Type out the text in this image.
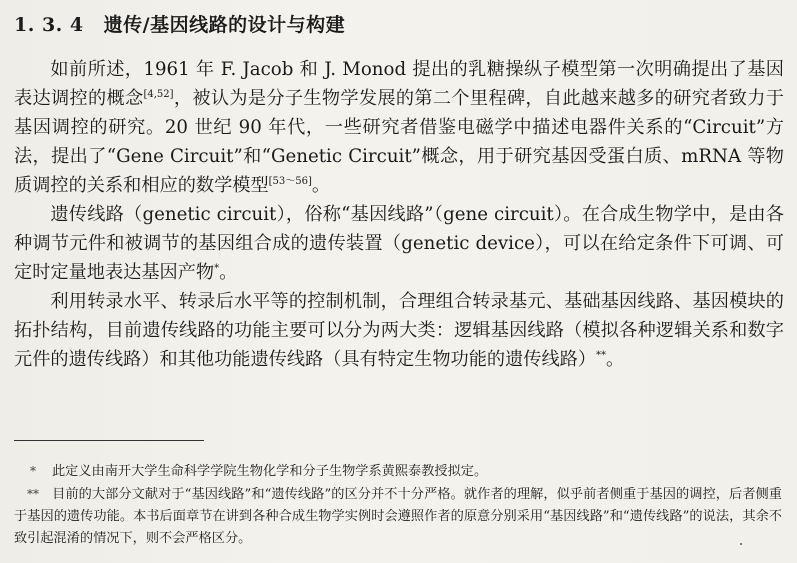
1. 3. 4 遗传/基因线路的设计与构建

如前所述，1961 年 F. Jacob 和 J. Monod 提出的乳糖操纵子模型第一次明确提出了基因表达调控的概念[4,52]，被认为是分子生物学发展的第二个里程碑，自此越来越多的研究者致力于基因调控的研究。20 世纪 90 年代，一些研究者借鉴电磁学中描述电器件关系的“Circuit”方法，提出了“Gene Circuit”和“Genetic Circuit”概念，用于研究基因受蛋白质、mRNA 等物质调控的关系和相应的数学模型[53～56]。

遗传线路（genetic circuit），俗称“基因线路”（gene circuit）。在合成生物学中，是由各种调节元件和被调节的基因组合成的遗传装置（genetic device），可以在给定条件下可调、可定时定量地表达基因产物*。

利用转录水平、转录后水平等的控制机制，合理组合转录基元、基础基因线路、基因模块的拓扑结构，目前遗传线路的功能主要可以分为两大类：逻辑基因线路（模拟各种逻辑关系和数字元件的遗传线路）和其他功能遗传线路（具有特定生物功能的遗传线路）**。

* 此定义由南开大学生命科学学院生物化学和分子生物学系黄熙泰教授拟定。

** 目前的大部分文献对于“基因线路”和“遗传线路”的区分并不十分严格。就作者的理解，似乎前者侧重于基因的调控，后者侧重于基因的遗传功能。本书后面章节在讲到各种合成生物学实例时会遵照作者的原意分别采用“基因线路”和“遗传线路”的说法，其余不致引起混淆的情况下，则不会严格区分。
